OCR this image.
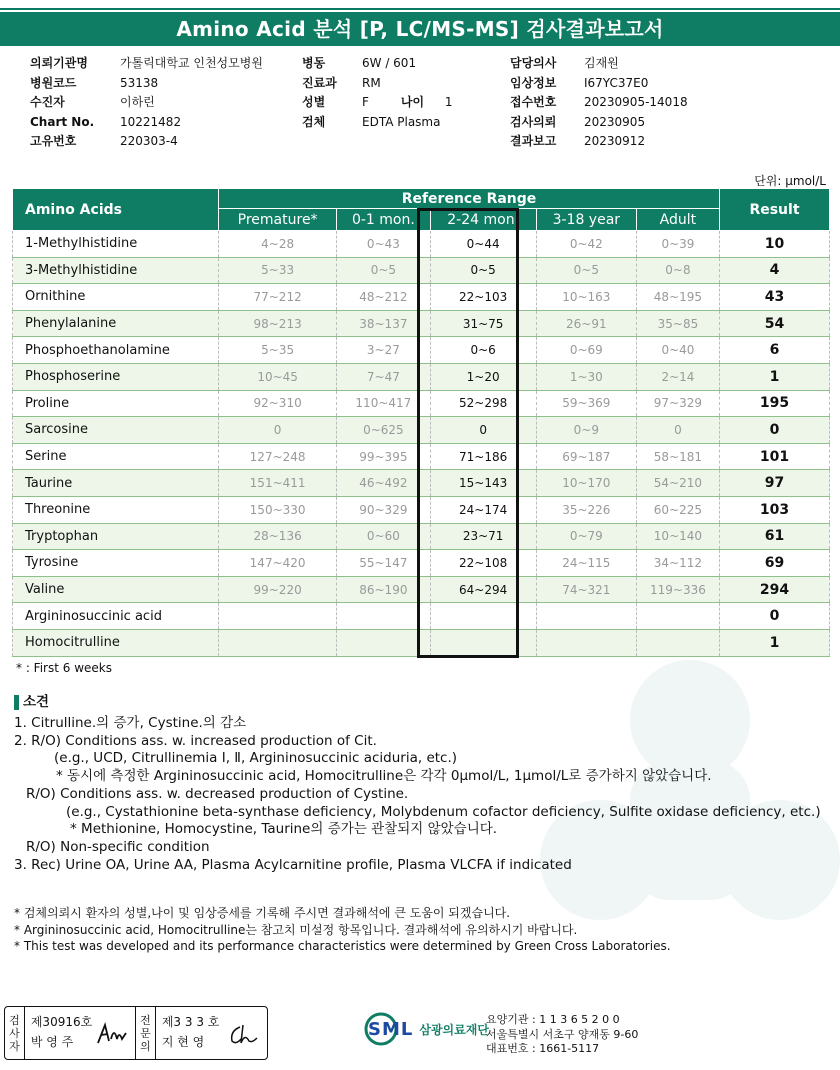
Amino Acid 분석 [P, LC/MS-MS] 검사결과보고서
의뢰기관명	가톨릭대학교 인천성모병원
병원코드	53138
수진자	이하린
Chart No.	10221482
고유번호	220303-4
병동	6W / 601
진료과	RM
성별	F	나이	1
검체	EDTA Plasma
담당의사	김재원
임상정보	I67YC37E0
접수번호	20230905-14018
검사의뢰	20230905
결과보고	20230912
단위: μmol/L
Amino Acids	Reference Range					Result
	Premature*	0-1 mon.	2-24 mon.	3-18 year	Adult	
1-Methylhistidine	4~28	0~43	0~44	0~42	0~39	10
3-Methylhistidine	5~33	0~5	0~5	0~5	0~8	4
Ornithine	77~212	48~212	22~103	10~163	48~195	43
Phenylalanine	98~213	38~137	31~75	26~91	35~85	54
Phosphoethanolamine	5~35	3~27	0~6	0~69	0~40	6
Phosphoserine	10~45	7~47	1~20	1~30	2~14	1
Proline	92~310	110~417	52~298	59~369	97~329	195
Sarcosine	0	0~625	0	0~9	0	0
Serine	127~248	99~395	71~186	69~187	58~181	101
Taurine	151~411	46~492	15~143	10~170	54~210	97
Threonine	150~330	90~329	24~174	35~226	60~225	103
Tryptophan	28~136	0~60	23~71	0~79	10~140	61
Tyrosine	147~420	55~147	22~108	24~115	34~112	69
Valine	99~220	86~190	64~294	74~321	119~336	294
Argininosuccinic acid						0
Homocitrulline						1
* : First 6 weeks
소견
1. Citrulline.의 증가, Cystine.의 감소
2. R/O) Conditions ass. w. increased production of Cit.
(e.g., UCD, Citrullinemia Ⅰ, Ⅱ, Argininosuccinic aciduria, etc.)
* 동시에 측정한 Argininosuccinic acid, Homocitrulline은 각각 0μmol/L, 1μmol/L로 증가하지 않았습니다.
R/O) Conditions ass. w. decreased production of Cystine.
(e.g., Cystathionine beta-synthase deficiency, Molybdenum cofactor deficiency, Sulfite oxidase deficiency, etc.)
* Methionine, Homocystine, Taurine의 증가는 관찰되지 않았습니다.
R/O) Non-specific condition
3. Rec) Urine OA, Urine AA, Plasma Acylcarnitine profile, Plasma VLCFA if indicated
* 검체의뢰시 환자의 성별,나이 및 임상증세를 기록해 주시면 결과해석에 큰 도움이 되겠습니다.
* Argininosuccinic acid, Homocitrulline는 참고치 미설정 항목입니다. 결과해석에 유의하시기 바랍니다.
* This test was developed and its performance characteristics were determined by Green Cross Laboratories.
검
사
자
제30916호
박 영 주
전
문
의
제3 3 3 호
지 현 영
SML 삼광의료재단
요양기관 : 1 1 3 6 5 2 0 0
서울특별시 서초구 양재동 9-60
대표번호 : 1661-5117
